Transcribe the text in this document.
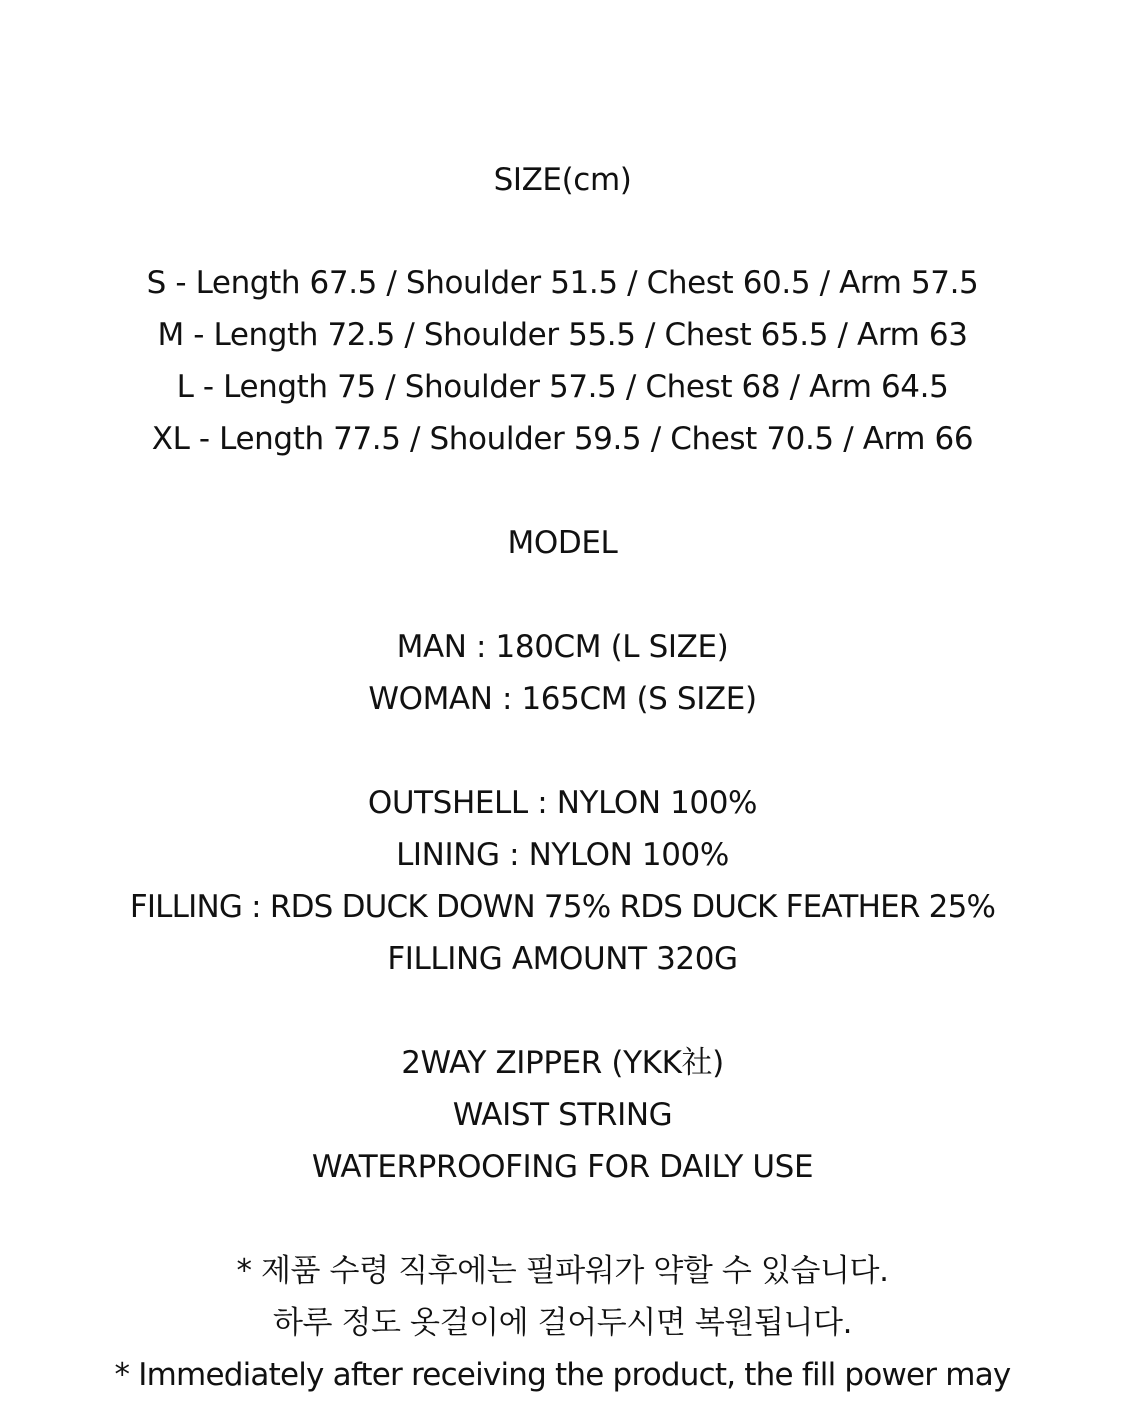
SIZE(cm)
S - Length 67.5 / Shoulder 51.5 / Chest 60.5 / Arm 57.5
M - Length 72.5 / Shoulder 55.5 / Chest 65.5 / Arm 63
L - Length 75 / Shoulder 57.5 / Chest 68 / Arm 64.5
XL - Length 77.5 / Shoulder 59.5 / Chest 70.5 / Arm 66
MODEL
MAN : 180CM (L SIZE)
WOMAN : 165CM (S SIZE)
OUTSHELL : NYLON 100%
LINING : NYLON 100%
FILLING : RDS DUCK DOWN 75% RDS DUCK FEATHER 25%
FILLING AMOUNT 320G
2WAY ZIPPER (YKK社)
WAIST STRING
WATERPROOFING FOR DAILY USE
* 제품 수령 직후에는 필파워가 약할 수 있습니다.
하루 정도 옷걸이에 걸어두시면 복원됩니다.
* Immediately after receiving the product, the fill power may
